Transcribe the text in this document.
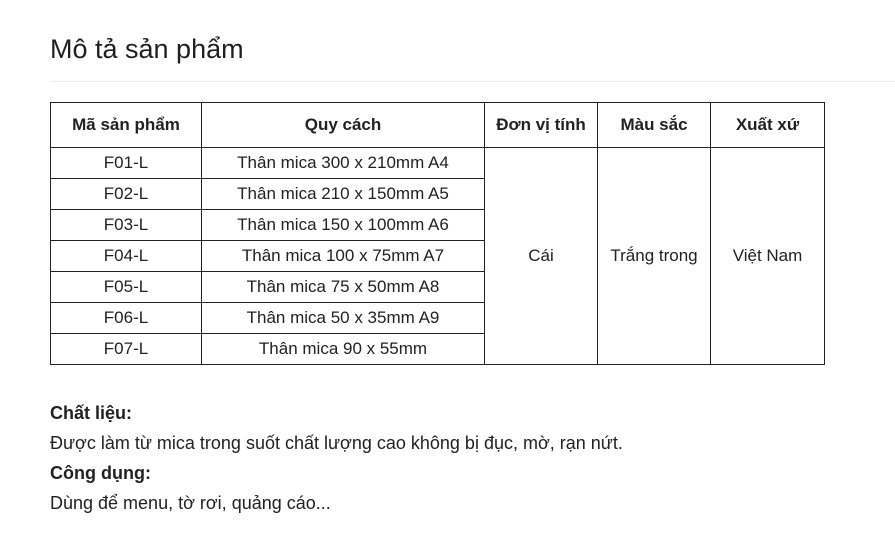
Mô tả sản phẩm
Mã sản phẩm	Quy cách	Đơn vị tính	Màu sắc	Xuất xứ
F01-L	Thân mica 300 x 210mm A4	Cái	Trắng trong	Việt Nam
F02-L	Thân mica 210 x 150mm A5			
F03-L	Thân mica 150 x 100mm A6			
F04-L	Thân mica 100 x 75mm A7			
F05-L	Thân mica 75 x 50mm A8			
F06-L	Thân mica 50 x 35mm A9			
F07-L	Thân mica 90 x 55mm			

Chất liệu:

Được làm từ mica trong suốt chất lượng cao không bị đục, mờ, rạn nứt.

Công dụng:

Dùng để menu, tờ rơi, quảng cáo...
